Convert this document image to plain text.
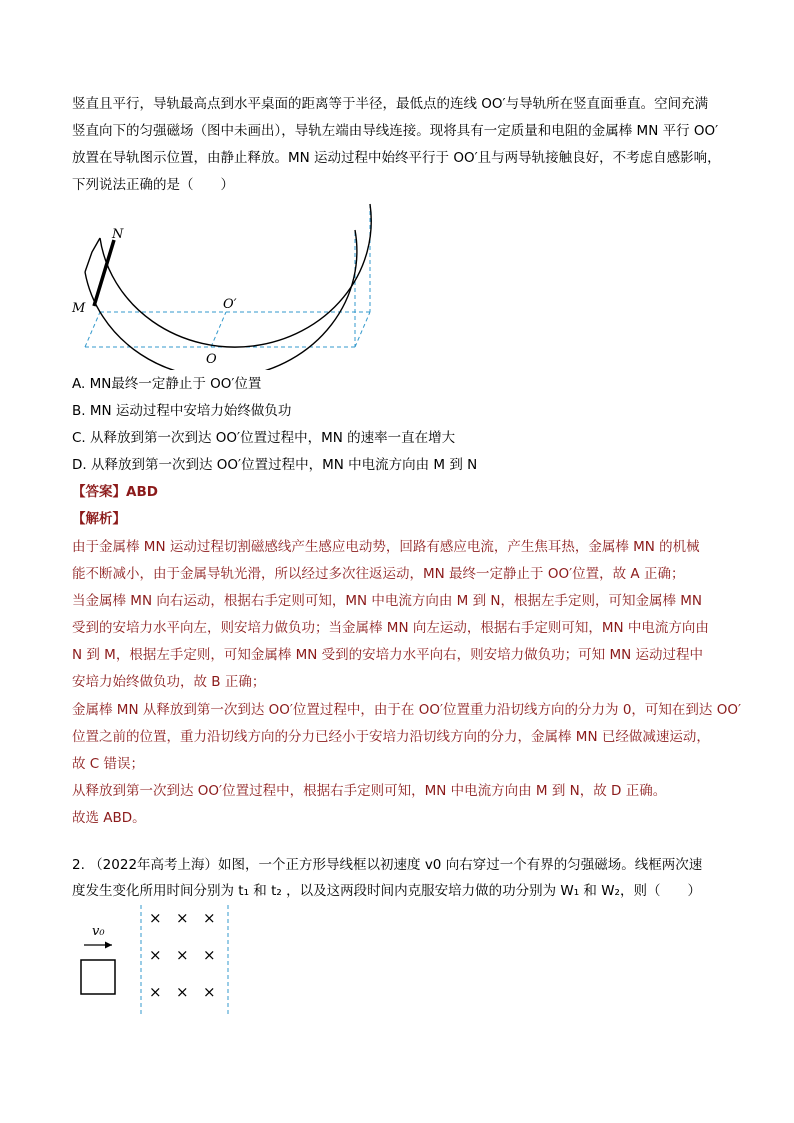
竖直且平行，导轨最高点到水平桌面的距离等于半径，最低点的连线 OO′与导轨所在竖直面垂直。空间充满
竖直向下的匀强磁场（图中未画出），导轨左端由导线连接。现将具有一定质量和电阻的金属棒 MN 平行 OO′
放置在导轨图示位置，由静止释放。MN 运动过程中始终平行于 OO′且与两导轨接触良好，不考虑自感影响，
下列说法正确的是（　　）
N
M	O′
O
A. MN最终一定静止于 OO′位置
B. MN 运动过程中安培力始终做负功
C. 从释放到第一次到达 OO′位置过程中，MN 的速率一直在增大
D. 从释放到第一次到达 OO′位置过程中，MN 中电流方向由 M 到 N
【答案】ABD
【解析】
由于金属棒 MN 运动过程切割磁感线产生感应电动势，回路有感应电流，产生焦耳热，金属棒 MN 的机械
能不断减小，由于金属导轨光滑，所以经过多次往返运动，MN 最终一定静止于 OO′位置，故 A 正确；
当金属棒 MN 向右运动，根据右手定则可知，MN 中电流方向由 M 到 N，根据左手定则，可知金属棒 MN
受到的安培力水平向左，则安培力做负功；当金属棒 MN 向左运动，根据右手定则可知，MN 中电流方向由
N 到 M，根据左手定则，可知金属棒 MN 受到的安培力水平向右，则安培力做负功；可知 MN 运动过程中
安培力始终做负功，故 B 正确；
金属棒 MN 从释放到第一次到达 OO′位置过程中，由于在 OO′位置重力沿切线方向的分力为 0，可知在到达 OO′
位置之前的位置，重力沿切线方向的分力已经小于安培力沿切线方向的分力，金属棒 MN 已经做减速运动，
故 C 错误；
从释放到第一次到达 OO′位置过程中，根据右手定则可知，MN 中电流方向由 M 到 N，故 D 正确。
故选 ABD。
2. （2022年高考上海）如图，一个正方形导线框以初速度 v0 向右穿过一个有界的匀强磁场。线框两次速
度发生变化所用时间分别为 t₁ 和 t₂ ，以及这两段时间内克服安培力做的功分别为 W₁ 和 W₂，则（　　）
v₀
× × ×
× × ×
× × ×
